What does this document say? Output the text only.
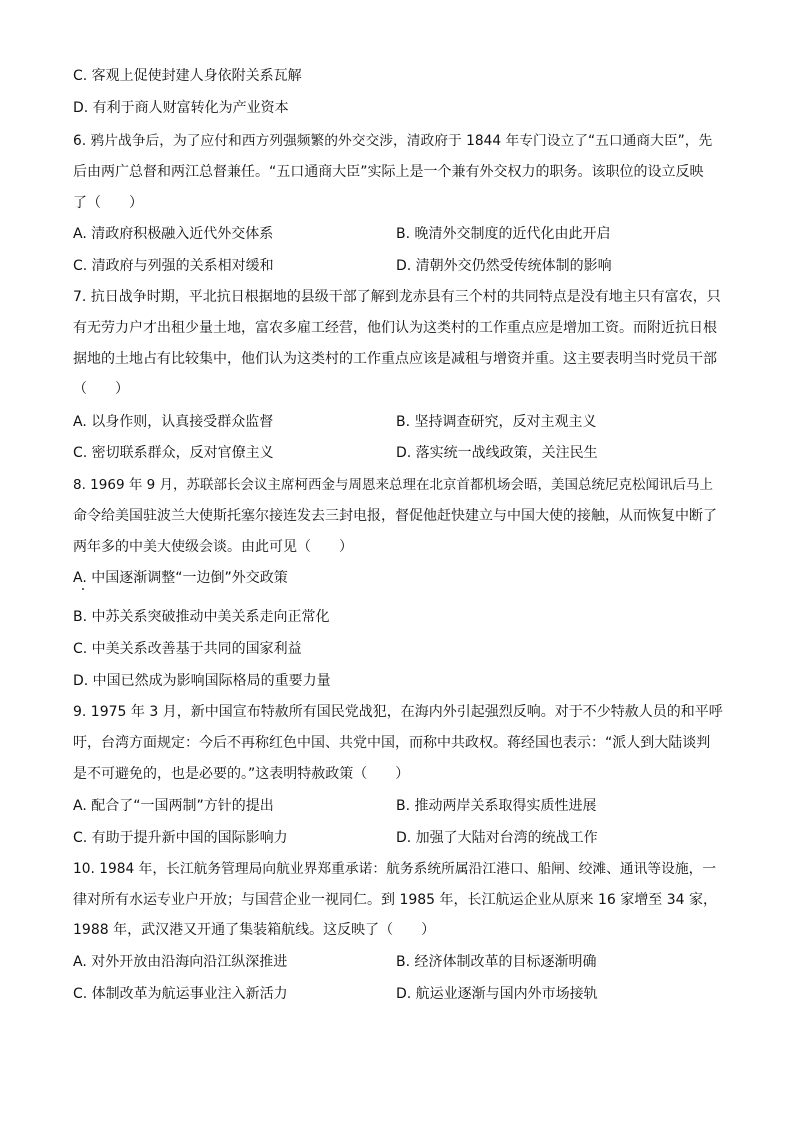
C. 客观上促使封建人身依附关系瓦解
D. 有利于商人财富转化为产业资本
6. 鸦片战争后，为了应付和西方列强频繁的外交交涉，清政府于 1844 年专门设立了“五口通商大臣”，先
后由两广总督和两江总督兼任。“五口通商大臣”实际上是一个兼有外交权力的职务。该职位的设立反映
了（　　）
A. 清政府积极融入近代外交体系	B. 晚清外交制度的近代化由此开启
C. 清政府与列强的关系相对缓和	D. 清朝外交仍然受传统体制的影响
7. 抗日战争时期，平北抗日根据地的县级干部了解到龙赤县有三个村的共同特点是没有地主只有富农，只
有无劳力户才出租少量土地，富农多雇工经营，他们认为这类村的工作重点应是增加工资。而附近抗日根
据地的土地占有比较集中，他们认为这类村的工作重点应该是减租与增资并重。这主要表明当时党员干部
（　　）
A. 以身作则，认真接受群众监督	B. 坚持调查研究，反对主观主义
C. 密切联系群众，反对官僚主义	D. 落实统一战线政策，关注民生
8. 1969 年 9 月，苏联部长会议主席柯西金与周恩来总理在北京首都机场会晤，美国总统尼克松闻讯后马上
命令给美国驻波兰大使斯托塞尔接连发去三封电报，督促他赶快建立与中国大使的接触，从而恢复中断了
两年多的中美大使级会谈。由此可见（　　）
A. 中国逐渐调整“一边倒”外交政策
B. 中苏关系突破推动中美关系走向正常化
C. 中美关系改善基于共同的国家利益
D. 中国已然成为影响国际格局的重要力量
9. 1975 年 3 月，新中国宣布特赦所有国民党战犯，在海内外引起强烈反响。对于不少特赦人员的和平呼
吁，台湾方面规定：今后不再称红色中国、共党中国，而称中共政权。蒋经国也表示：“派人到大陆谈判
是不可避免的，也是必要的。”这表明特赦政策（　　）
A. 配合了“一国两制”方针的提出	B. 推动两岸关系取得实质性进展
C. 有助于提升新中国的国际影响力	D. 加强了大陆对台湾的统战工作
10. 1984 年，长江航务管理局向航业界郑重承诺：航务系统所属沿江港口、船闸、绞滩、通讯等设施，一
律对所有水运专业户开放；与国营企业一视同仁。到 1985 年，长江航运企业从原来 16 家增至 34 家，
1988 年，武汉港又开通了集装箱航线。这反映了（　　）
A. 对外开放由沿海向沿江纵深推进	B. 经济体制改革的目标逐渐明确
C. 体制改革为航运事业注入新活力	D. 航运业逐渐与国内外市场接轨
